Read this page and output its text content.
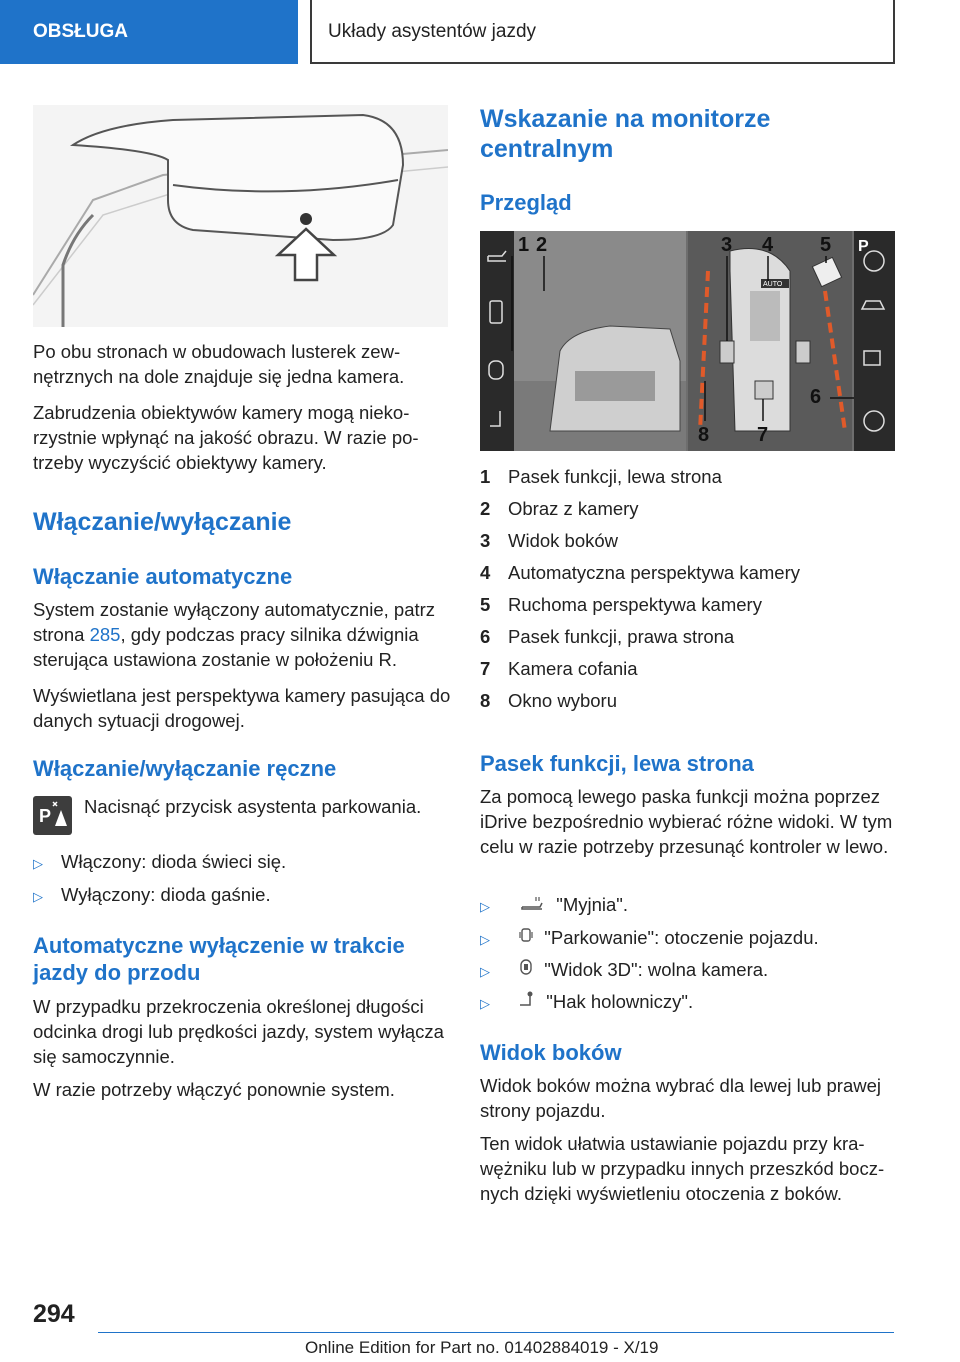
OBSŁUGA	Układy asystentów jazdy

Po obu stronach w obudowach lusterek zewnętrznych na dole znajduje się jedna kamera.

Zabrudzenia obiektywów kamery mogą niekorzystnie wpłynąć na jakość obrazu. W razie potrzeby wyczyścić obiektywy kamery.

Włączanie/wyłączanie
Włączanie automatyczne

System zostanie wyłączony automatycznie, patrz strona 285, gdy podczas pracy silnika dźwignia sterująca ustawiona zostanie w położeniu R.

Wyświetlana jest perspektywa kamery pasująca do danych sytuacji drogowej.

Włączanie/wyłączanie ręczne
P Nacisnąć przycisk asystenta parkowania.

▷ Włączony: dioda świeci się.
▷ Wyłączony: dioda gaśnie.
Automatyczne wyłączenie w trakcie jazdy do przodu

W przypadku przekroczenia określonej długości odcinka drogi lub prędkości jazdy, system wyłącza się samoczynnie.

W razie potrzeby włączyć ponownie system.

Wskazanie na monitorze centralnym
Przegląd
AUTO
P
1 2	3 4 5
6
7
8
1 Pasek funkcji, lewa strona
2 Obraz z kamery
3 Widok boków
4 Automatyczna perspektywa kamery
5 Ruchoma perspektywa kamery
6 Pasek funkcji, prawa strona
7 Kamera cofania
8 Okno wyboru
Pasek funkcji, lewa strona

Za pomocą lewego paska funkcji można poprzez iDrive bezpośrednio wybierać różne widoki. W tym celu w razie potrzeby przesunąć kontroler w lewo.

▷	"Myjnia".
▷	"Parkowanie": otoczenie pojazdu.
▷	"Widok 3D": wolna kamera.
▷	"Hak holowniczy".
Widok boków

Widok boków można wybrać dla lewej lub prawej strony pojazdu.

Ten widok ułatwia ustawianie pojazdu przy krawężniku lub w przypadku innych przeszkód bocznych dzięki wyświetleniu otoczenia z boków.

294
Online Edition for Part no. 01402884019 - X/19
